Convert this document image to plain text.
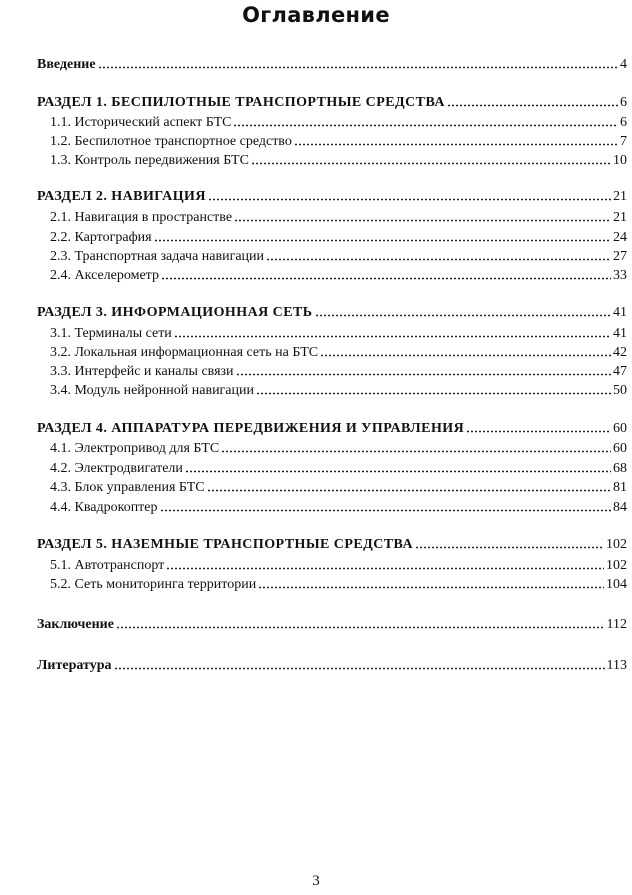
Оглавление
Введение	4
РАЗДЕЛ 1. БЕСПИЛОТНЫЕ ТРАНСПОРТНЫЕ СРЕДСТВА	6
1.1. Исторический аспект БТС	6
1.2. Беспилотное транспортное средство	7
1.3. Контроль передвижения БТС	10
РАЗДЕЛ 2. НАВИГАЦИЯ	21
2.1. Навигация в пространстве	21
2.2. Картография	24
2.3. Транспортная задача навигации	27
2.4. Акселерометр	33
РАЗДЕЛ 3. ИНФОРМАЦИОННАЯ СЕТЬ	41
3.1. Терминалы сети	41
3.2. Локальная информационная сеть на БТС	42
3.3. Интерфейс и каналы связи	47
3.4. Модуль нейронной навигации	50
РАЗДЕЛ 4. АППАРАТУРА ПЕРЕДВИЖЕНИЯ И УПРАВЛЕНИЯ	60
4.1. Электропривод для БТС	60
4.2. Электродвигатели	68
4.3. Блок управления БТС	81
4.4. Квадрокоптер	84
РАЗДЕЛ 5. НАЗЕМНЫЕ ТРАНСПОРТНЫЕ СРЕДСТВА	102
5.1. Автотранспорт	102
5.2. Сеть мониторинга территории	104
Заключение	112
Литература	113
3
